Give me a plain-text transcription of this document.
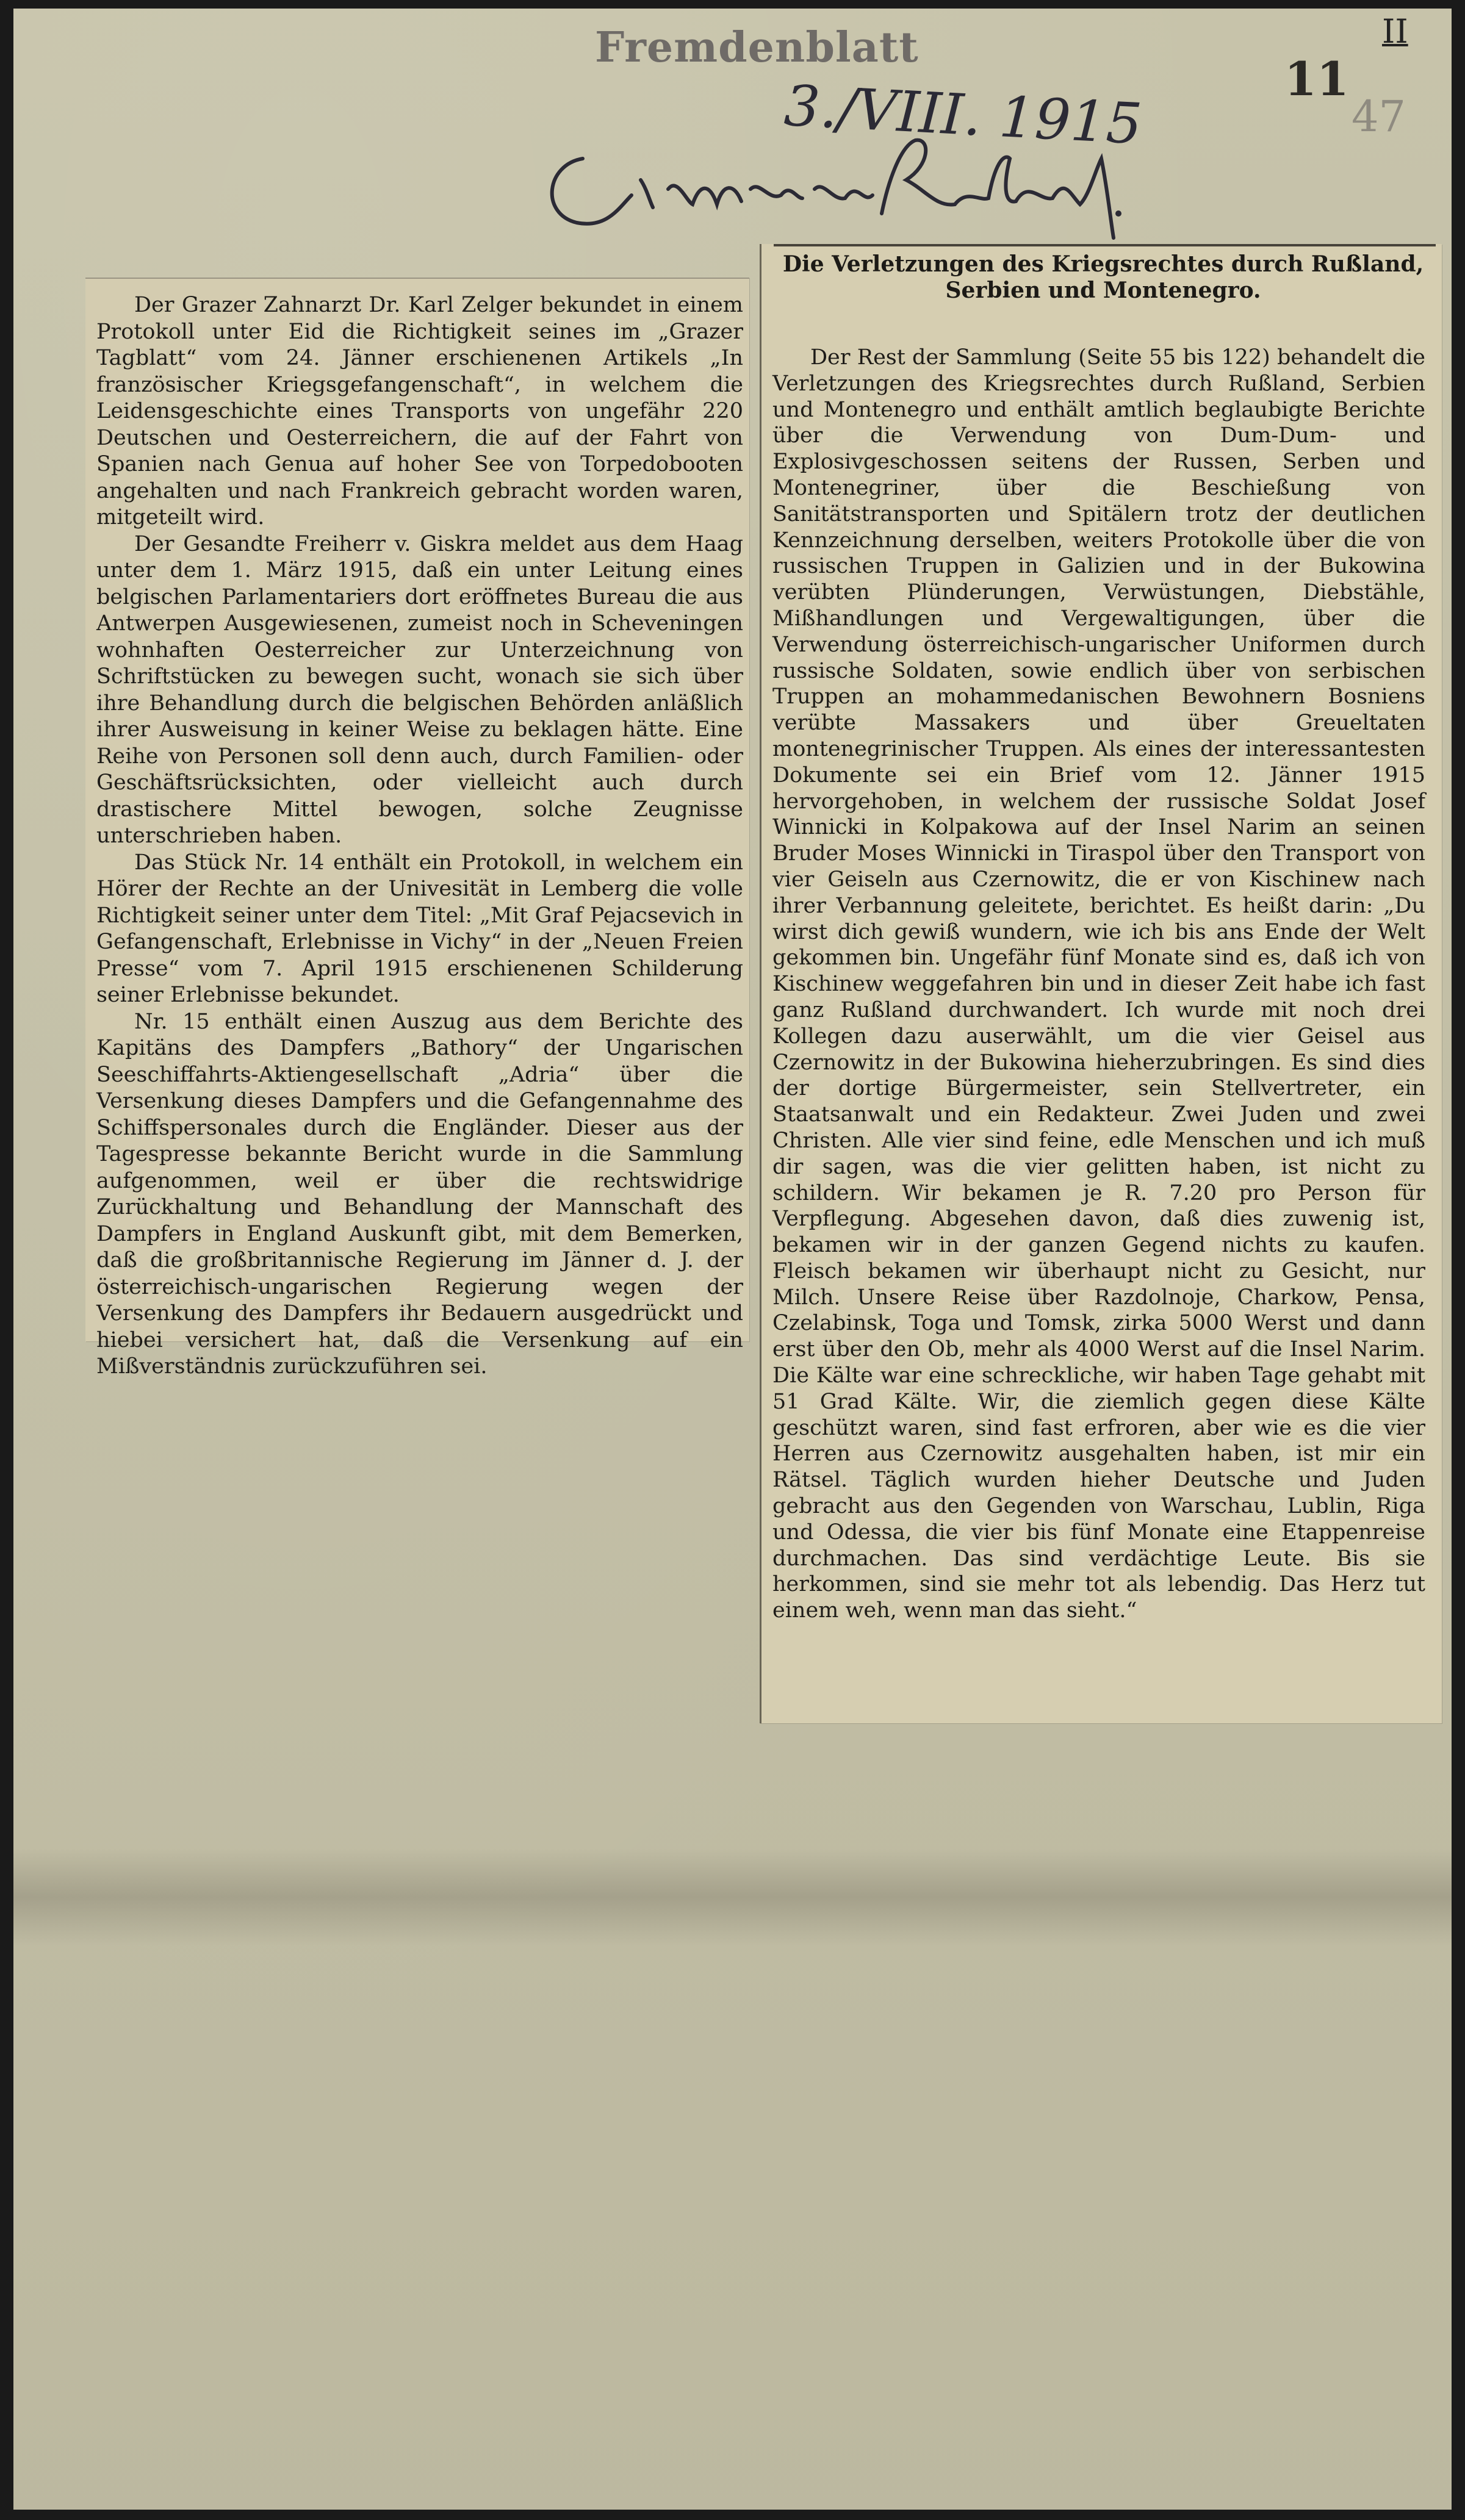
Fremdenblatt	II
11
47
3./VIII. 1915

Der Grazer Zahnarzt Dr. Karl Zelger bekundet in einem Protokoll unter Eid die Richtigkeit seines im „Grazer Tagblatt“ vom 24. Jänner erschienenen Artikels „In französischer Kriegsgefangenschaft“, in welchem die Leidensgeschichte eines Transports von ungefähr 220 Deutschen und Oesterreichern, die auf der Fahrt von Spanien nach Genua auf hoher See von Torpedobooten angehalten und nach Frankreich gebracht worden waren, mitgeteilt wird.

Der Gesandte Freiherr v. Giskra meldet aus dem Haag unter dem 1. März 1915, daß ein unter Leitung eines belgischen Parlamentariers dort eröffnetes Bureau die aus Antwerpen Ausgewiesenen, zumeist noch in Scheveningen wohnhaften Oesterreicher zur Unterzeichnung von Schriftstücken zu bewegen sucht, wonach sie sich über ihre Behandlung durch die belgischen Behörden anläßlich ihrer Ausweisung in keiner Weise zu beklagen hätte. Eine Reihe von Personen soll denn auch, durch Familien- oder Geschäftsrücksichten, oder vielleicht auch durch drastischere Mittel bewogen, solche Zeugnisse unterschrieben haben.

Das Stück Nr. 14 enthält ein Protokoll, in welchem ein Hörer der Rechte an der Univesität in Lemberg die volle Richtigkeit seiner unter dem Titel: „Mit Graf Pejacsevich in Gefangenschaft, Erlebnisse in Vichy“ in der „Neuen Freien Presse“ vom 7. April 1915 erschienenen Schilderung seiner Erlebnisse bekundet.

Nr. 15 enthält einen Auszug aus dem Berichte des Kapitäns des Dampfers „Bathory“ der Ungarischen Seeschiffahrts-Aktiengesellschaft „Adria“ über die Versenkung dieses Dampfers und die Gefangennahme des Schiffspersonales durch die Engländer. Dieser aus der Tagespresse bekannte Bericht wurde in die Sammlung aufgenommen, weil er über die rechtswidrige Zurückhaltung und Behandlung der Mannschaft des Dampfers in England Auskunft gibt, mit dem Bemerken, daß die großbritannische Regierung im Jänner d. J. der österreichisch-ungarischen Regierung wegen der Versenkung des Dampfers ihr Bedauern ausgedrückt und hiebei versichert hat, daß die Versenkung auf ein Mißverständnis zurückzuführen sei.

Die Verletzungen des Kriegsrechtes durch Rußland, Serbien und Montenegro.

Der Rest der Sammlung (Seite 55 bis 122) behandelt die Verletzungen des Kriegsrechtes durch Rußland, Serbien und Montenegro und enthält amtlich beglaubigte Berichte über die Verwendung von Dum-Dum- und Explosivgeschossen seitens der Russen, Serben und Montenegriner, über die Beschießung von Sanitätstransporten und Spitälern trotz der deutlichen Kennzeichnung derselben, weiters Protokolle über die von russischen Truppen in Galizien und in der Bukowina verübten Plünderungen, Verwüstungen, Diebstähle, Mißhandlungen und Vergewaltigungen, über die Verwendung österreichisch-ungarischer Uniformen durch russische Soldaten, sowie endlich über von serbischen Truppen an mohammedanischen Bewohnern Bosniens verübte Massakers und über Greueltaten montenegrinischer Truppen. Als eines der interessantesten Dokumente sei ein Brief vom 12. Jänner 1915 hervorgehoben, in welchem der russische Soldat Josef Winnicki in Kolpakowa auf der Insel Narim an seinen Bruder Moses Winnicki in Tiraspol über den Transport von vier Geiseln aus Czernowitz, die er von Kischinew nach ihrer Verbannung geleitete, berichtet. Es heißt darin: „Du wirst dich gewiß wundern, wie ich bis ans Ende der Welt gekommen bin. Ungefähr fünf Monate sind es, daß ich von Kischinew weggefahren bin und in dieser Zeit habe ich fast ganz Rußland durchwandert. Ich wurde mit noch drei Kollegen dazu auserwählt, um die vier Geisel aus Czernowitz in der Bukowina hieherzubringen. Es sind dies der dortige Bürgermeister, sein Stellvertreter, ein Staatsanwalt und ein Redakteur. Zwei Juden und zwei Christen. Alle vier sind feine, edle Menschen und ich muß dir sagen, was die vier gelitten haben, ist nicht zu schildern. Wir bekamen je R. 7.20 pro Person für Verpflegung. Abgesehen davon, daß dies zuwenig ist, bekamen wir in der ganzen Gegend nichts zu kaufen. Fleisch bekamen wir überhaupt nicht zu Gesicht, nur Milch. Unsere Reise über Razdolnoje, Charkow, Pensa, Czelabinsk, Toga und Tomsk, zirka 5000 Werst und dann erst über den Ob, mehr als 4000 Werst auf die Insel Narim. Die Kälte war eine schreckliche, wir haben Tage gehabt mit 51 Grad Kälte. Wir, die ziemlich gegen diese Kälte geschützt waren, sind fast erfroren, aber wie es die vier Herren aus Czernowitz ausgehalten haben, ist mir ein Rätsel. Täglich wurden hieher Deutsche und Juden gebracht aus den Gegenden von Warschau, Lublin, Riga und Odessa, die vier bis fünf Monate eine Etappenreise durchmachen. Das sind verdächtige Leute. Bis sie herkommen, sind sie mehr tot als lebendig. Das Herz tut einem weh, wenn man das sieht.“
